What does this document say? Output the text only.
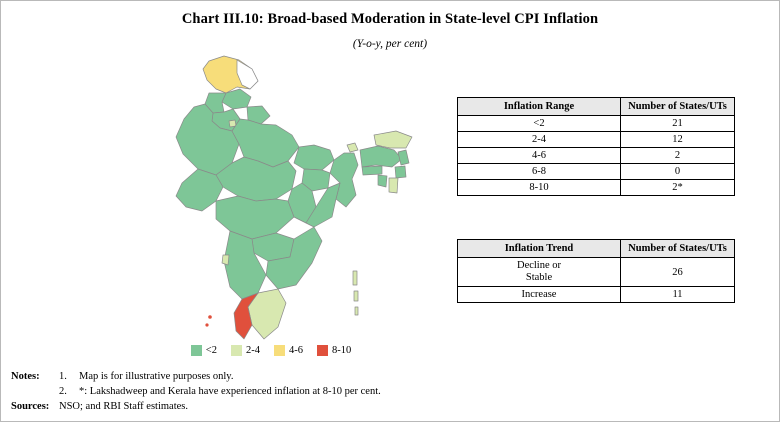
Chart III.10: Broad-based Moderation in State-level CPI Inflation
(Y-o-y, per cent)
<2	2-4	4-6	8-10
Inflation Range	Number of States/UTs
<2	21
2-4	12
4-6	2
6-8	0
8-10	2*
Inflation Trend	Number of States/UTs

Decline or
Stable	26
Increase	11
Notes:	1.	Map is for illustrative purposes only.
2.	*: Lakshadweep and Kerala have experienced inflation at 8-10 per cent.
Sources: NSO; and RBI Staff estimates.
